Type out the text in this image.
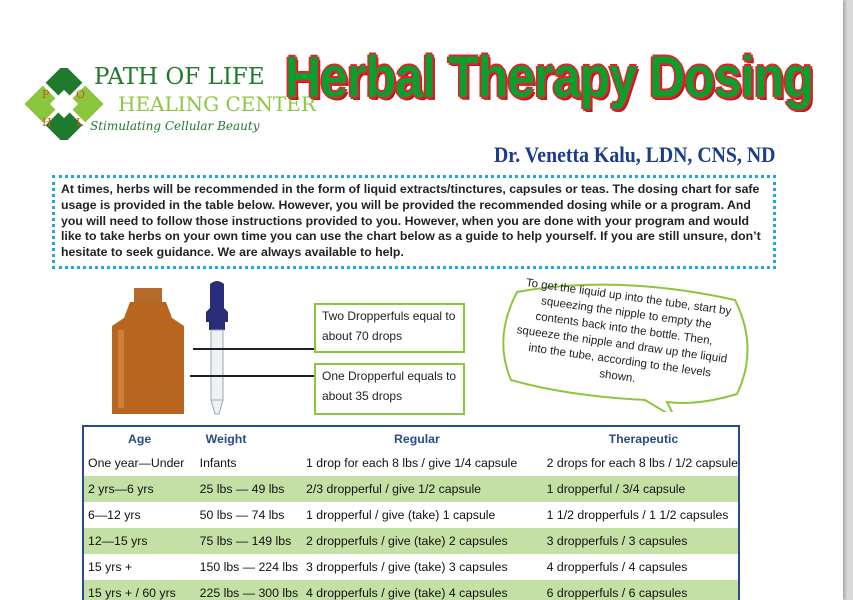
P O
H L
PATH OF LIFE
HEALING CENTER
Stimulating Cellular Beauty
Herbal Therapy Dosing
Dr. Venetta Kalu, LDN, CNS, ND
At times, herbs will be recommended in the form of liquid extracts/tinctures, capsules or teas. The dosing chart for safe usage is provided in the table below. However, you will be provided the recommended dosing while or a program. And you will need to follow those instructions provided to you. However, when you are done with your program and would like to take herbs on your own time you can use the chart below as a guide to help yourself. If you are still unsure, don’t hesitate to seek guidance. We are always available to help.
Two Dropperfuls equal to about 70 drops
One Dropperful equals to about 35 drops
To get the liquid up into the tube, start by squeezing the nipple to empty the contents back into the bottle. Then, squeeze the nipple and draw up the liquid into the tube, according to the levels shown.
Age	Weight	Regular	Therapeutic
One year—Under	Infants	1 drop for each 8 lbs / give 1/4 capsule	2 drops for each 8 lbs / 1/2 capsule
2 yrs—6 yrs	25 lbs — 49 lbs	2/3 dropperful / give 1/2 capsule	1 dropperful / 3/4 capsule
6—12 yrs	50 lbs — 74 lbs	1 dropperful / give (take) 1 capsule	1 1/2 dropperfuls / 1 1/2 capsules
12—15 yrs	75 lbs — 149 lbs	2 dropperfuls / give (take) 2 capsules	3 dropperfuls / 3 capsules
15 yrs +	150 lbs — 224 lbs	3 dropperfuls / give (take) 3 capsules	4 dropperfuls / 4 capsules
15 yrs + / 60 yrs	225 lbs — 300 lbs	4 dropperfuls / give (take) 4 capsules	6 dropperfuls / 6 capsules
